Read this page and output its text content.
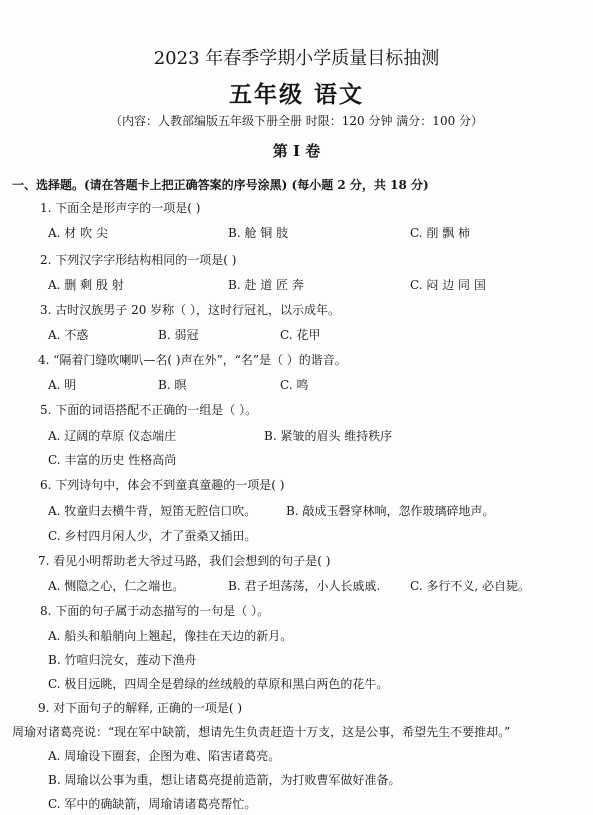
2023 年春季学期小学质量目标抽测
五年级 语文
（内容：人教部编版五年级下册全册 时限：120 分钟 满分：100 分）
第 I 卷
一、选择题。(请在答题卡上把正确答案的序号涂黑) (每小题 2 分，共 18 分)
1. 下面全是形声字的一项是( )
A. 材 吹 尖	B. 舱 铜 肢	C. 削 飘 柿
2. 下列汉字字形结构相同的一项是( )
A. 删 剩 殷 射	B. 赴 道 匠 奔	C. 闷 边 同 国
3. 古时汉族男子 20 岁称（ ），这时行冠礼，以示成年。
A. 不惑	B. 弱冠	C. 花甲
4. “隔着门缝吹喇叭—名( )声在外”，“名”是（ ）的谐音。
A. 明	B. 暝	C. 鸣
5. 下面的词语搭配不正确的一组是（ ）。
A. 辽阔的草原 仪态端庄	B. 紧皱的眉头 维持秩序
C. 丰富的历史 性格高尚
6. 下列诗句中，体会不到童真童趣的一项是( )
A. 牧童归去横牛背，短笛无腔信口吹。 B. 敲成玉磬穿林响，忽作玻璃碎地声。
C. 乡村四月闲人少，才了蚕桑又插田。
7. 看见小明帮助老大爷过马路，我们会想到的句子是( )
A. 恻隐之心，仁之端也。	B. 君子坦荡荡，小人长戚戚. C. 多行不义, 必自毙。
8. 下面的句子属于动态描写的一句是（ ）。
A. 船头和船艄向上翘起，像挂在天边的新月。
B. 竹喧归浣女，莲动下渔舟
C. 极目远眺，四周全是碧绿的丝绒般的草原和黑白两色的花牛。
9. 对下面句子的解释, 正确的一项是( )
周瑜对诸葛亮说：“现在军中缺箭，想请先生负责赶造十万支，这是公事，希望先生不要推却。”
A. 周瑜设下圈套，企图为难、陷害诸葛亮。
B. 周瑜以公事为重，想让诸葛亮提前造箭，为打败曹军做好准备。
C. 军中的确缺箭，周瑜请诸葛亮帮忙。
